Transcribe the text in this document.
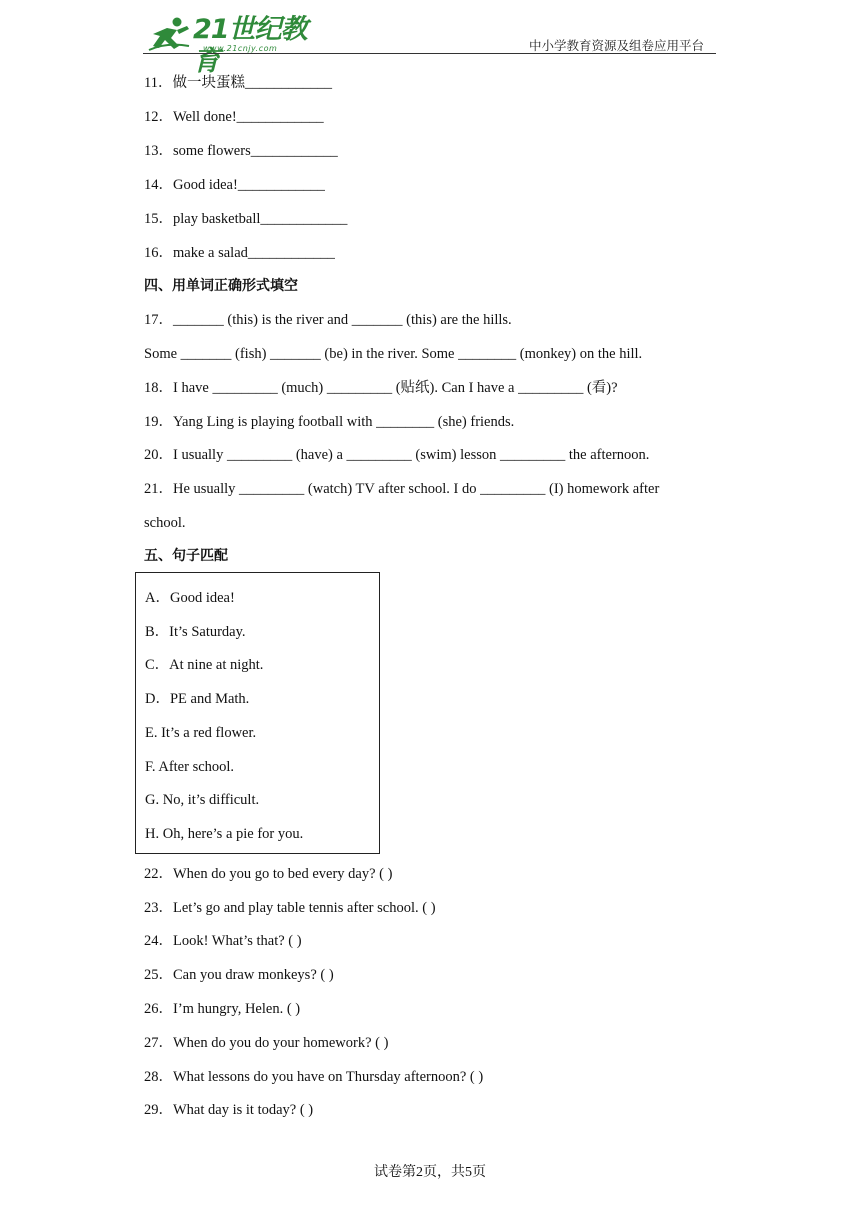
21世纪教育
www.21cnjy.com	中小学教育资源及组卷应用平台
11．做一块蛋糕____________
12．Well done!____________
13．some flowers____________
14．Good idea!____________
15．play basketball____________
16．make a salad____________
四、用单词正确形式填空
17．_______ (this) is the river and _______ (this) are the hills.
Some _______ (fish) _______ (be) in the river. Some ________ (monkey) on the hill.
18．I have _________ (much) _________ (贴纸). Can I have a _________ (看)?
19．Yang Ling is playing football with ________ (she) friends.
20．I usually _________ (have) a _________ (swim) lesson _________ the afternoon.
21．He usually _________ (watch) TV after school. I do _________ (I) homework after
school.
五、句子匹配
A．Good idea!
B．It’s Saturday.
C．At nine at night.
D．PE and Math.
E. It’s a red flower.
F. After school.
G. No, it’s difficult.
H. Oh, here’s a pie for you.
22．When do you go to bed every day? ( )
23．Let’s go and play table tennis after school. ( )
24．Look! What’s that? ( )
25．Can you draw monkeys? ( )
26．I’m hungry, Helen. ( )
27．When do you do your homework? ( )
28．What lessons do you have on Thursday afternoon? ( )
29．What day is it today? ( )
试卷第2页，共5页
